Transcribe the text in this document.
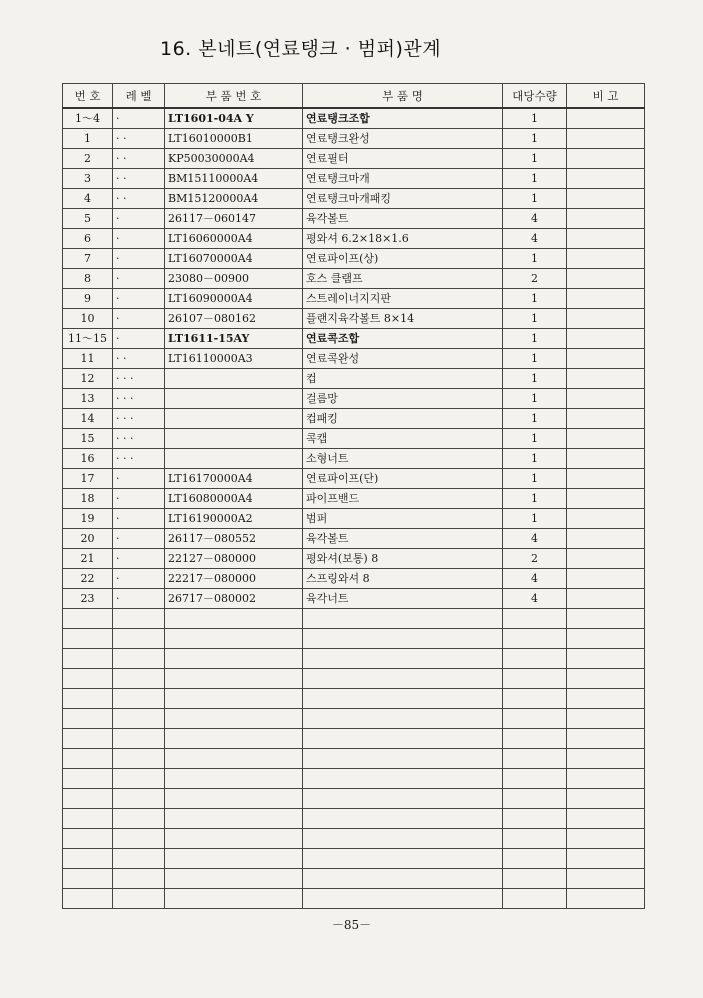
16. 본네트(연료탱크 · 범퍼)관계
번 호	레 벨	부 품 번 호	부 품 명	대당수량	비 고
1～4	·	LT1601-04A Y	연료탱크조합	1	
1	· ·	LT16010000B1	연료탱크완성	1	
2	· ·	KP50030000A4	연료필터	1	
3	· ·	BM15110000A4	연료탱크마개	1	
4	· ·	BM15120000A4	연료탱크마개패킹	1	
5	·	26117－060147	육각볼트	4	
6	·	LT16060000A4	평와셔 6.2×18×1.6	4	
7	·	LT16070000A4	연료파이프(상)	1	
8	·	23080－00900	호스 클램프	2	
9	·	LT16090000A4	스트레이너지지판	1	
10	·	26107－080162	플랜지육각볼트 8×14	1	
11～15	·	LT1611-15AY	연료콕조합	1	
11	· ·	LT16110000A3	연료콕완성	1	
12	· · ·		컵	1	
13	· · ·		걸름망	1	
14	· · ·		컵패킹	1	
15	· · ·		콕캡	1	
16	· · ·		소형너트	1	
17	·	LT16170000A4	연료파이프(단)	1	
18	·	LT16080000A4	파이프밴드	1	
19	·	LT16190000A2	범퍼	1	
20	·	26117－080552	육각볼트	4	
21	·	22127－080000	평와셔(보통) 8	2	
22	·	22217－080000	스프링와셔 8	4	
23	·	26717－080002	육각너트	4	

－85－
